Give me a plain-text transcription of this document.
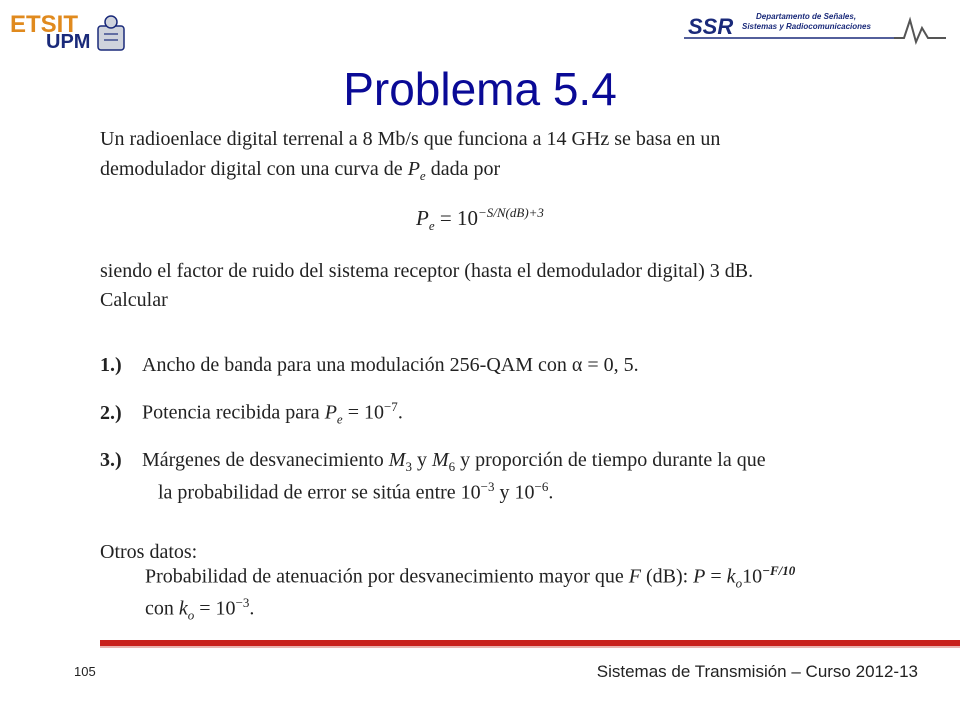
ETSIT
UPM
SSR	Departamento de Señales,
Sistemas y Radiocomunicaciones
Problema 5.4
Un radioenlace digital terrenal a 8 Mb/s que funciona a 14 GHz se basa en un
demodulador digital con una curva de $P_e$ dada por
$P_e = 10^{-S/N(dB)+3}$
siendo el factor de ruido del sistema receptor (hasta el demodulador digital) 3 dB.
Calcular
1.) Ancho de banda para una modulación 256-QAM con α = 0, 5.
2.) Potencia recibida para $P_e = 10^{-7}$.
3.) Márgenes de desvanecimiento $M_3$ y $M_6$ y proporción de tiempo durante la que
la probabilidad de error se sitúa entre $10^{-3}$ y $10^{-6}$.
Otros datos:
Probabilidad de atenuación por desvanecimiento mayor que F (dB): $P = k_o10^{-F/10}$
con $k_o = 10^{-3}$.
105	Sistemas de Transmisión – Curso 2012-13
